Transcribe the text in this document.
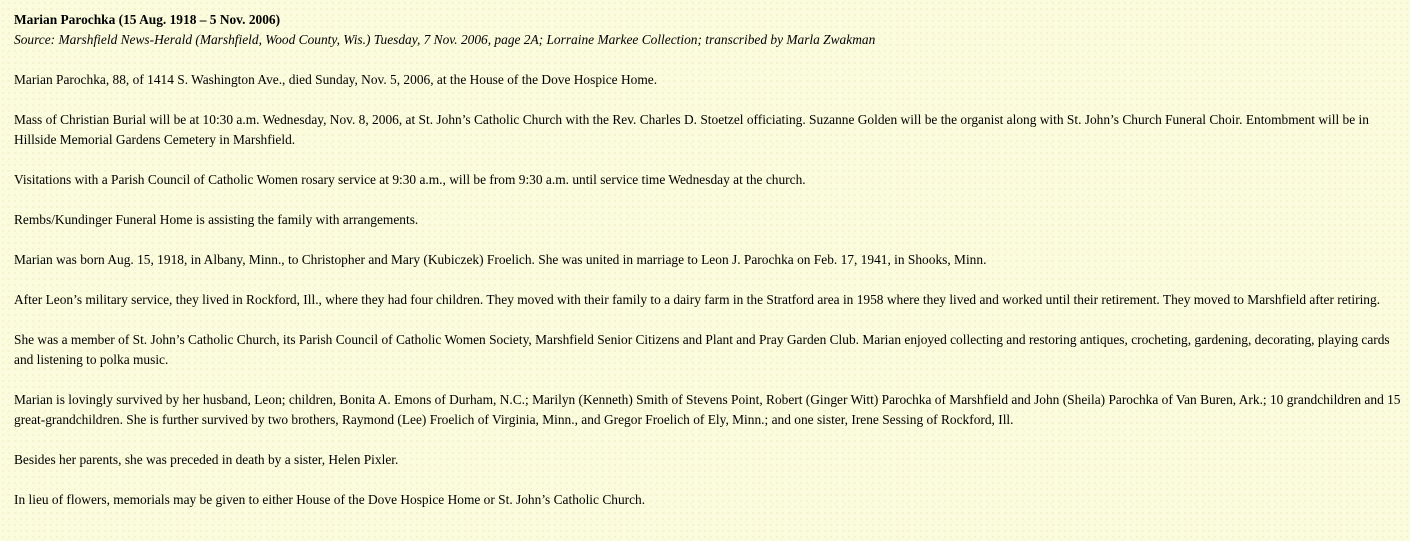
Marian Parochka (15 Aug. 1918 – 5 Nov. 2006)

Source: Marshfield News-Herald (Marshfield, Wood County, Wis.) Tuesday, 7 Nov. 2006, page 2A; Lorraine Markee Collection; transcribed by Marla Zwakman

Marian Parochka, 88, of 1414 S. Washington Ave., died Sunday, Nov. 5, 2006, at the House of the Dove Hospice Home.

Mass of Christian Burial will be at 10:30 a.m. Wednesday, Nov. 8, 2006, at St. John’s Catholic Church with the Rev. Charles D. Stoetzel officiating. Suzanne Golden will be the organist along with St. John’s Church Funeral Choir. Entombment will be in Hillside Memorial Gardens Cemetery in Marshfield.

Visitations with a Parish Council of Catholic Women rosary service at 9:30 a.m., will be from 9:30 a.m. until service time Wednesday at the church.

Rembs/Kundinger Funeral Home is assisting the family with arrangements.

Marian was born Aug. 15, 1918, in Albany, Minn., to Christopher and Mary (Kubiczek) Froelich. She was united in marriage to Leon J. Parochka on Feb. 17, 1941, in Shooks, Minn.

After Leon’s military service, they lived in Rockford, Ill., where they had four children. They moved with their family to a dairy farm in the Stratford area in 1958 where they lived and worked until their retirement. They moved to Marshfield after retiring.

She was a member of St. John’s Catholic Church, its Parish Council of Catholic Women Society, Marshfield Senior Citizens and Plant and Pray Garden Club. Marian enjoyed collecting and restoring antiques, crocheting, gardening, decorating, playing cards and listening to polka music.

Marian is lovingly survived by her husband, Leon; children, Bonita A. Emons of Durham, N.C.; Marilyn (Kenneth) Smith of Stevens Point, Robert (Ginger Witt) Parochka of Marshfield and John (Sheila) Parochka of Van Buren, Ark.; 10 grandchildren and 15 great-grandchildren. She is further survived by two brothers, Raymond (Lee) Froelich of Virginia, Minn., and Gregor Froelich of Ely, Minn.; and one sister, Irene Sessing of Rockford, Ill.

Besides her parents, she was preceded in death by a sister, Helen Pixler.

In lieu of flowers, memorials may be given to either House of the Dove Hospice Home or St. John’s Catholic Church.
